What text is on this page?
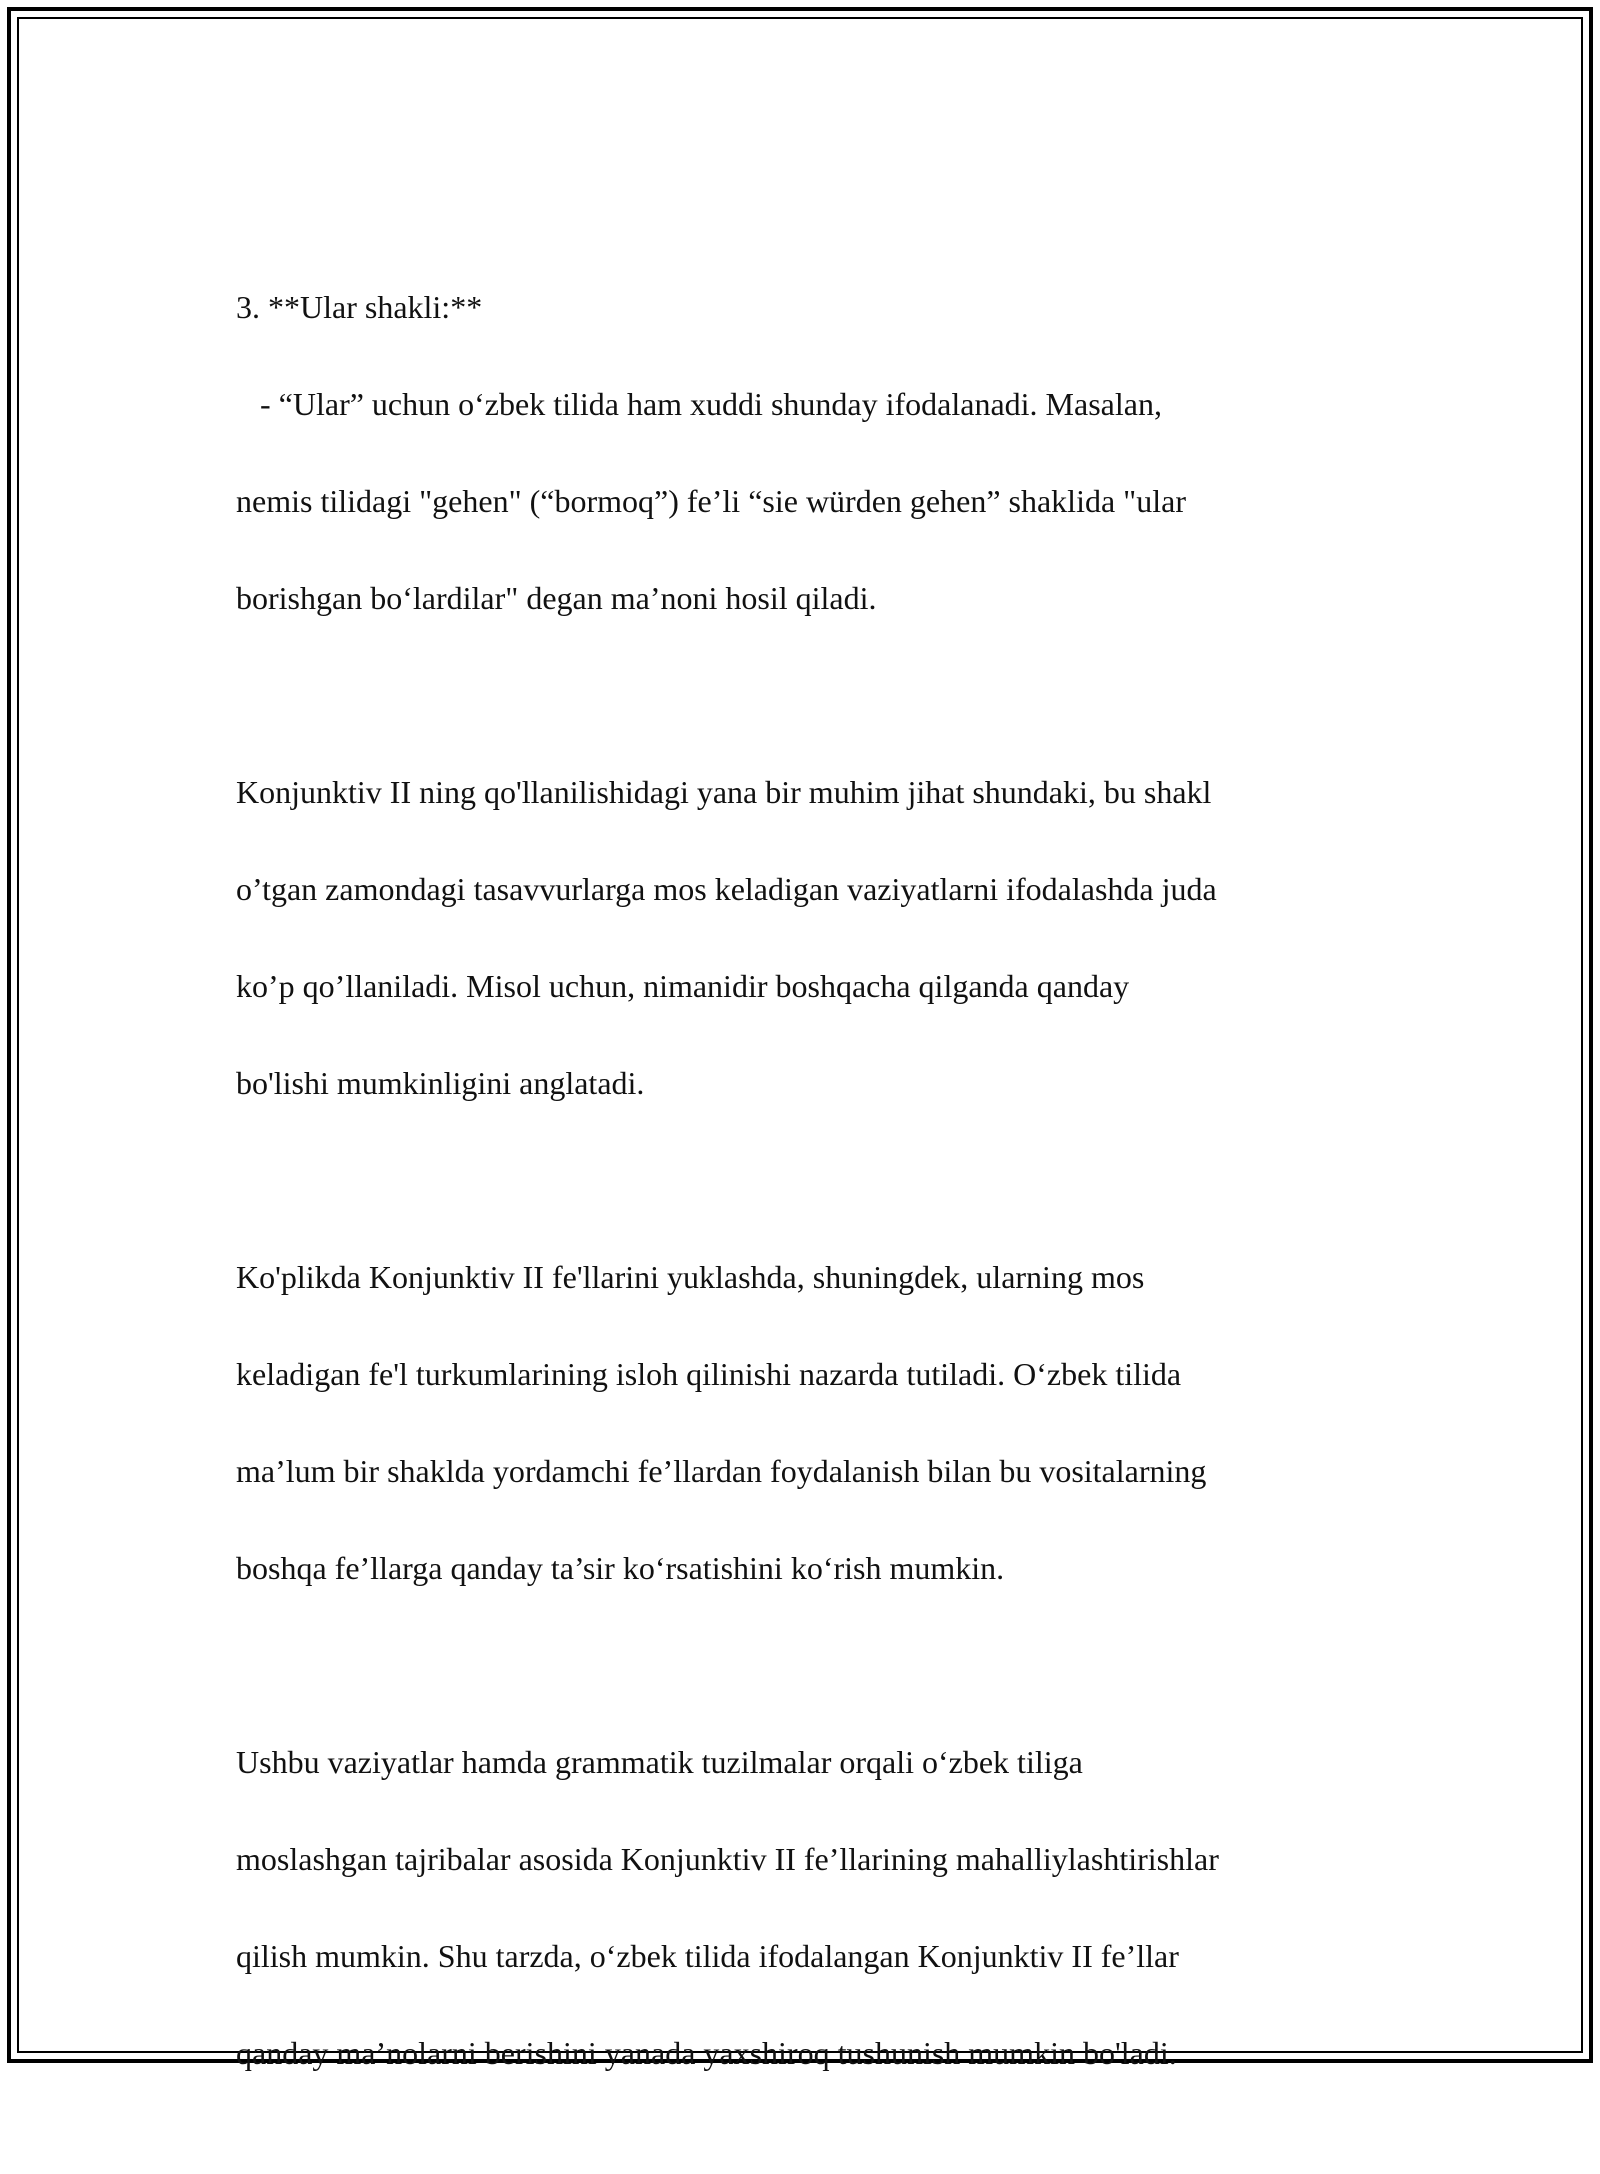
3. **Ular shakli:**

- “Ular” uchun o‘zbek tilida ham xuddi shunday ifodalanadi. Masalan,

nemis tilidagi "gehen" (“bormoq”) fe’li “sie würden gehen” shaklida "ular

borishgan bo‘lardilar" degan ma’noni hosil qiladi.

Konjunktiv II ning qo'llanilishidagi yana bir muhim jihat shundaki, bu shakl

o’tgan zamondagi tasavvurlarga mos keladigan vaziyatlarni ifodalashda juda

ko’p qo’llaniladi. Misol uchun, nimanidir boshqacha qilganda qanday

bo'lishi mumkinligini anglatadi.

Ko'plikda Konjunktiv II fe'llarini yuklashda, shuningdek, ularning mos

keladigan fe'l turkumlarining isloh qilinishi nazarda tutiladi. O‘zbek tilida

ma’lum bir shaklda yordamchi fe’llardan foydalanish bilan bu vositalarning

boshqa fe’llarga qanday ta’sir ko‘rsatishini ko‘rish mumkin.

Ushbu vaziyatlar hamda grammatik tuzilmalar orqali o‘zbek tiliga

moslashgan tajribalar asosida Konjunktiv II fe’llarining mahalliylashtirishlar

qilish mumkin. Shu tarzda, o‘zbek tilida ifodalangan Konjunktiv II fe’llar

qanday ma’nolarni berishini yanada yaxshiroq tushunish mumkin bo'ladi.
